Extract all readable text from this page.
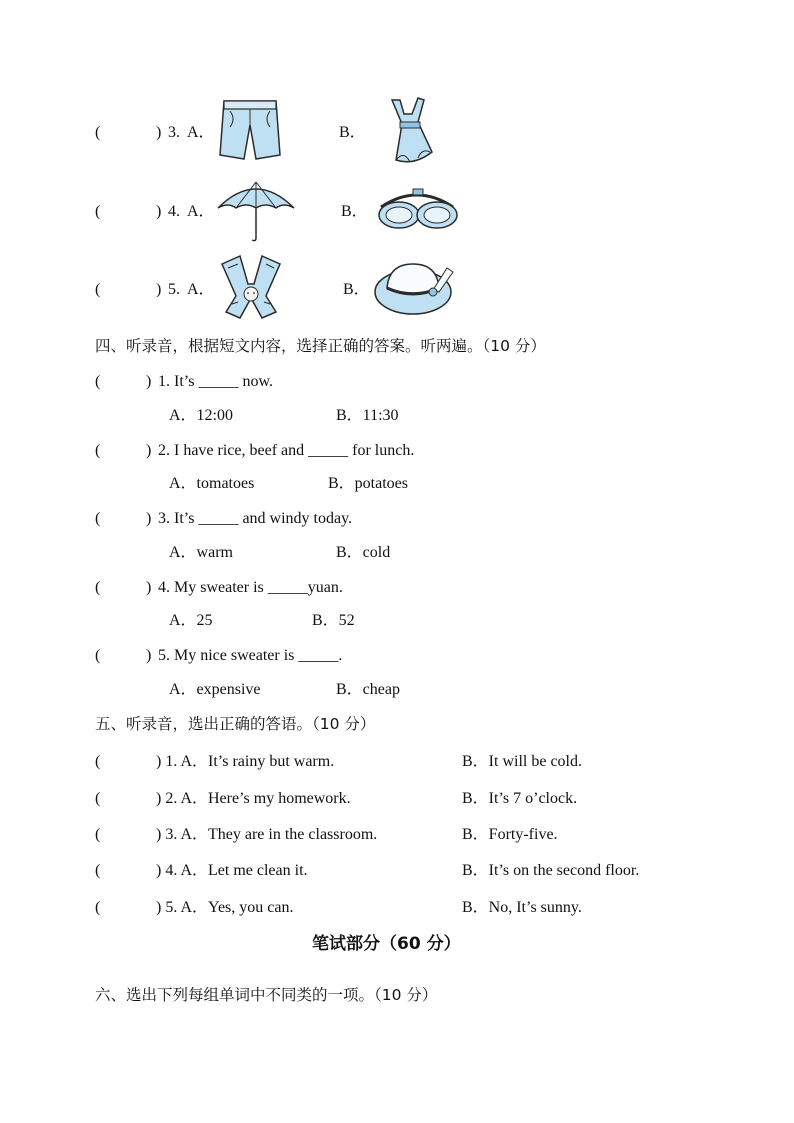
(	) 3. A．	B．
(	) 4. A．	B．
(	) 5. A．	B．
四、听录音，根据短文内容，选择正确的答案。听两遍。（10 分）
(	) 1. It’s _____ now.
A．12:00	B．11:30
(	) 2. I have rice, beef and _____ for lunch.
A．tomatoes	B．potatoes
(	) 3. It’s _____ and windy today.
A．warm	B．cold
(	) 4. My sweater is _____yuan.
A．25	B．52
(	) 5. My nice sweater is _____.
A．expensive	B．cheap
五、听录音，选出正确的答语。（10 分）
(	) 1. A．It’s rainy but warm.	B．It will be cold.
(	) 2. A．Here’s my homework.	B．It’s 7 o’clock.
(	) 3. A．They are in the classroom.	B．Forty-five.
(	) 4. A．Let me clean it.	B．It’s on the second floor.
(	) 5. A．Yes, you can.	B．No, It’s sunny.
笔试部分（60 分）
六、选出下列每组单词中不同类的一项。（10 分）
